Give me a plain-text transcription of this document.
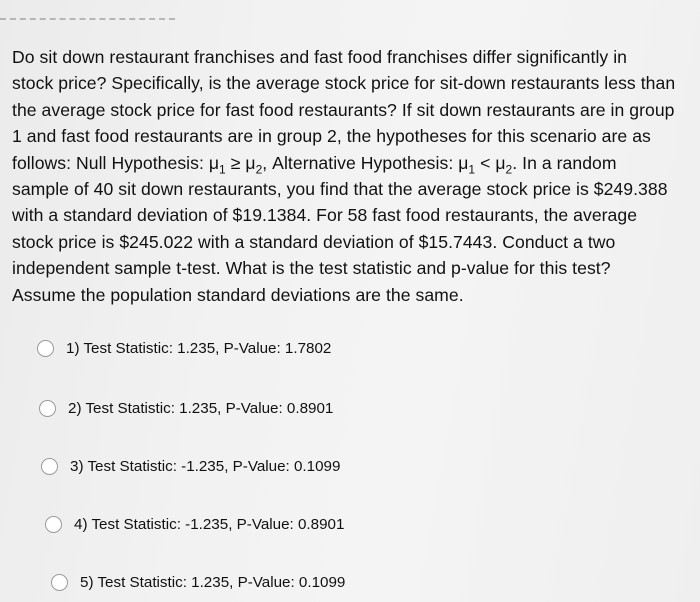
Do sit down restaurant franchises and fast food franchises differ significantly in
stock price? Specifically, is the average stock price for sit-down restaurants less than
the average stock price for fast food restaurants? If sit down restaurants are in group
1 and fast food restaurants are in group 2, the hypotheses for this scenario are as
follows: Null Hypothesis: $\mu_1 \ge \mu_2$, Alternative Hypothesis: $\mu_1 < \mu_2$. In a random
sample of 40 sit down restaurants, you find that the average stock price is $249.388
with a standard deviation of $19.1384. For 58 fast food restaurants, the average
stock price is $245.022 with a standard deviation of $15.7443. Conduct a two
independent sample t-test. What is the test statistic and p-value for this test?
Assume the population standard deviations are the same.

1) Test Statistic: 1.235, P-Value: 1.7802
2) Test Statistic: 1.235, P-Value: 0.8901
3) Test Statistic: -1.235, P-Value: 0.1099
4) Test Statistic: -1.235, P-Value: 0.8901
5) Test Statistic: 1.235, P-Value: 0.1099
